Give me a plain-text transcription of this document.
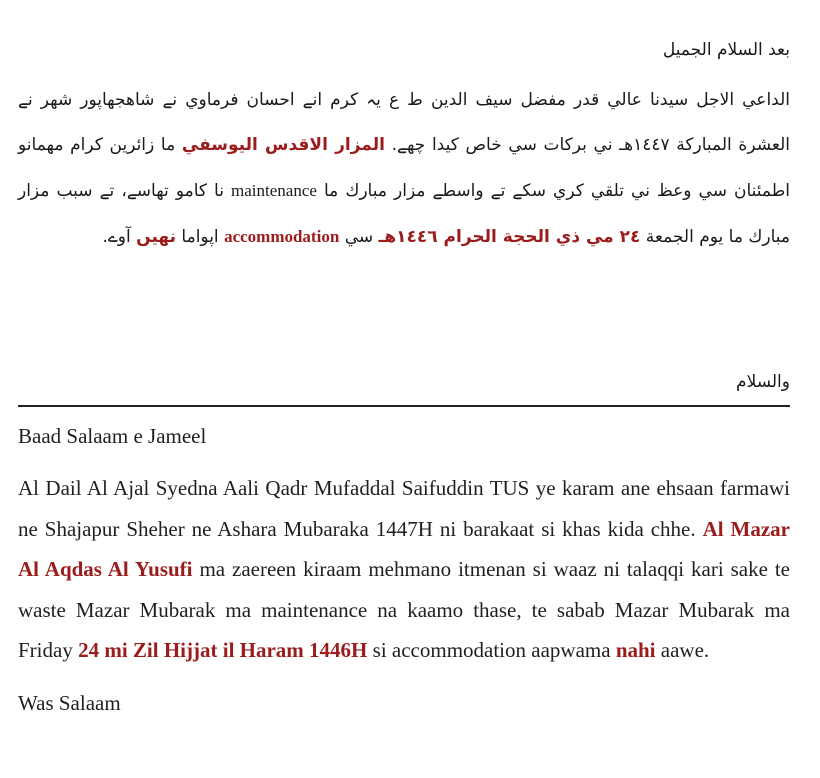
بعد السلام الجميل
الداعي الاجل سيدنا عالي قدر مفضل سيف الدين ط ع يہ كرم انے احسان فرماوي نے شاهجهاپور شهر نے العشرة المباركة ١٤٤٧هـ ني بركات سي خاص كيدا چهے. المزار الاقدس اليوسفي ما زائرين كرام مهمانو اطمئنان سي وعظ ني تلقي كري سكے تے واسطے مزار مبارك ما maintenance نا كامو تهاسے، تے سبب مزار مبارك ما يوم الجمعة ٢٤ مي ذي الحجة الحرام ١٤٤٦هـ سي accommodation اپواما نهيں آوے.
والسلام

Baad Salaam e Jameel

Al Dail Al Ajal Syedna Aali Qadr Mufaddal Saifuddin TUS ye karam ane ehsaan farmawi ne Shajapur Sheher ne Ashara Mubaraka 1447H ni barakaat si khas kida chhe. Al Mazar Al Aqdas Al Yusufi ma zaereen kiraam mehmano itmenan si waaz ni talaqqi kari sake te waste Mazar Mubarak ma maintenance na kaamo thase, te sabab Mazar Mubarak ma Friday 24 mi Zil Hijjat il Haram 1446H si accommodation aapwama nahi aawe.

Was Salaam
